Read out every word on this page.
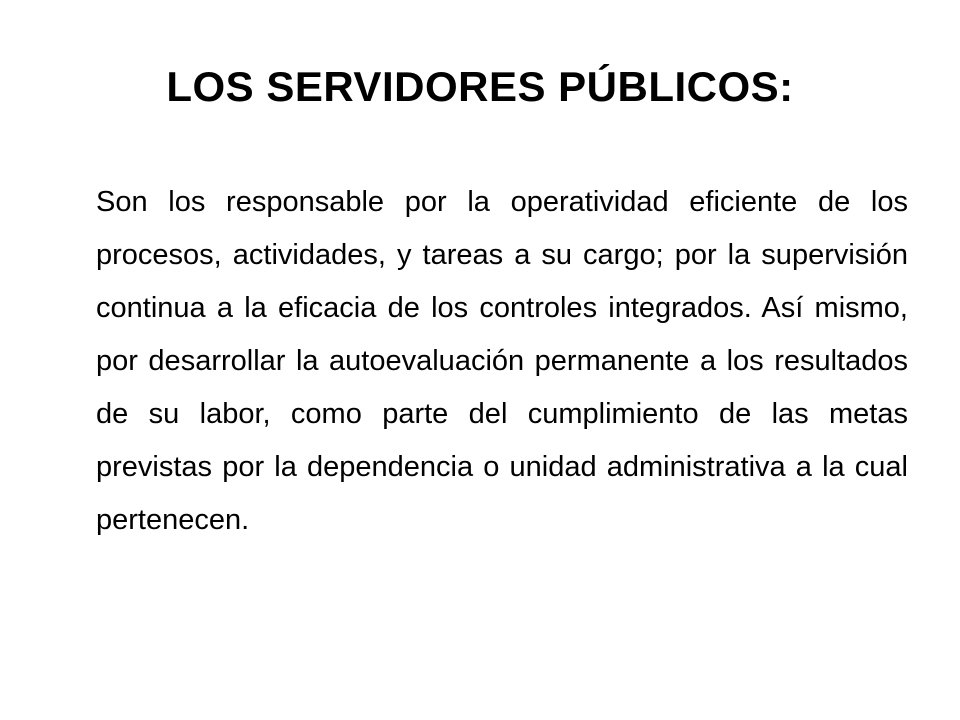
LOS SERVIDORES PÚBLICOS:

Son los responsable por la operatividad eficiente de los procesos, actividades, y tareas a su cargo; por la supervisión continua a la eficacia de los controles integrados. Así mismo, por desarrollar la autoevaluación permanente a los resultados de su labor, como parte del cumplimiento de las metas previstas por la dependencia o unidad administrativa a la cual pertenecen.
